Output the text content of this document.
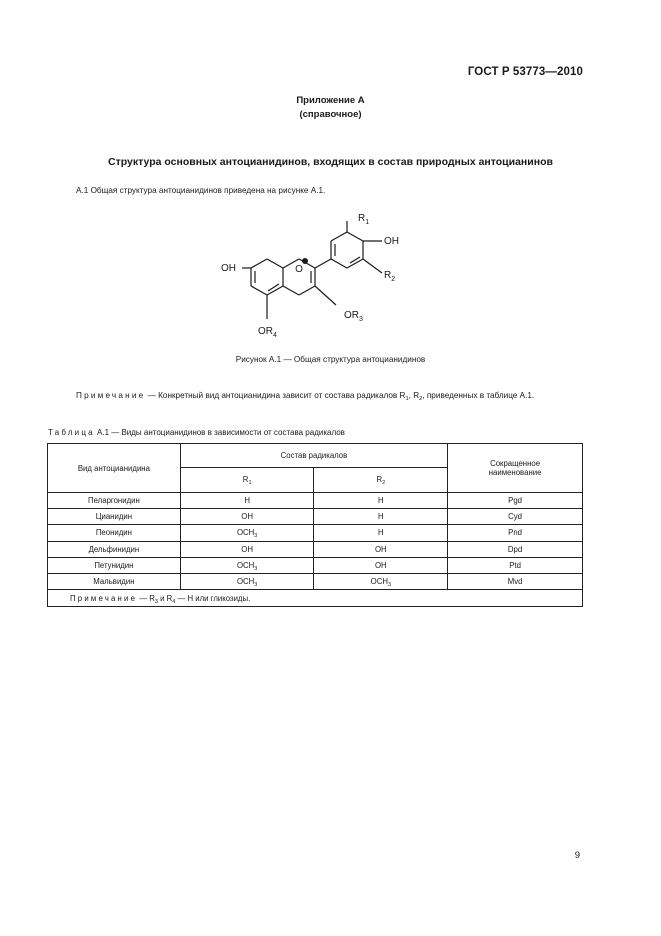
ГОСТ Р 53773—2010
Приложение А
(справочное)
Структура основных антоцианидинов, входящих в состав природных антоцианинов
А.1 Общая структура антоцианидинов приведена на рисунке А.1.
O
OH
OH
$R_1$
$R_2$
$OR_3$
$OR_4$
Рисунок А.1 — Общая структура антоцианидинов
Примечание — Конкретный вид антоцианидина зависит от состава радикалов $R_1$, $R_2$, приведенных в таблице А.1.
Таблица А.1 — Виды антоцианидинов в зависимости от состава радикалов
Вид антоцианидина	Состав радикалов		Сокращенное
наименование
	$R_1$	$R_2$
Пеларгонидин	H	H	Pgd
Цианидин	OH	H	Cyd
Пеонидин	$OCH_3$	H	Pnd
Дельфинидин	OH	OH	Dpd
Петунидин	$OCH_3$	OH	Ptd
Мальвидин	$OCH_3$	$OCH_3$	Mvd
Примечание — $R_3$ и $R_4$ — H или гликозиды.			
9
